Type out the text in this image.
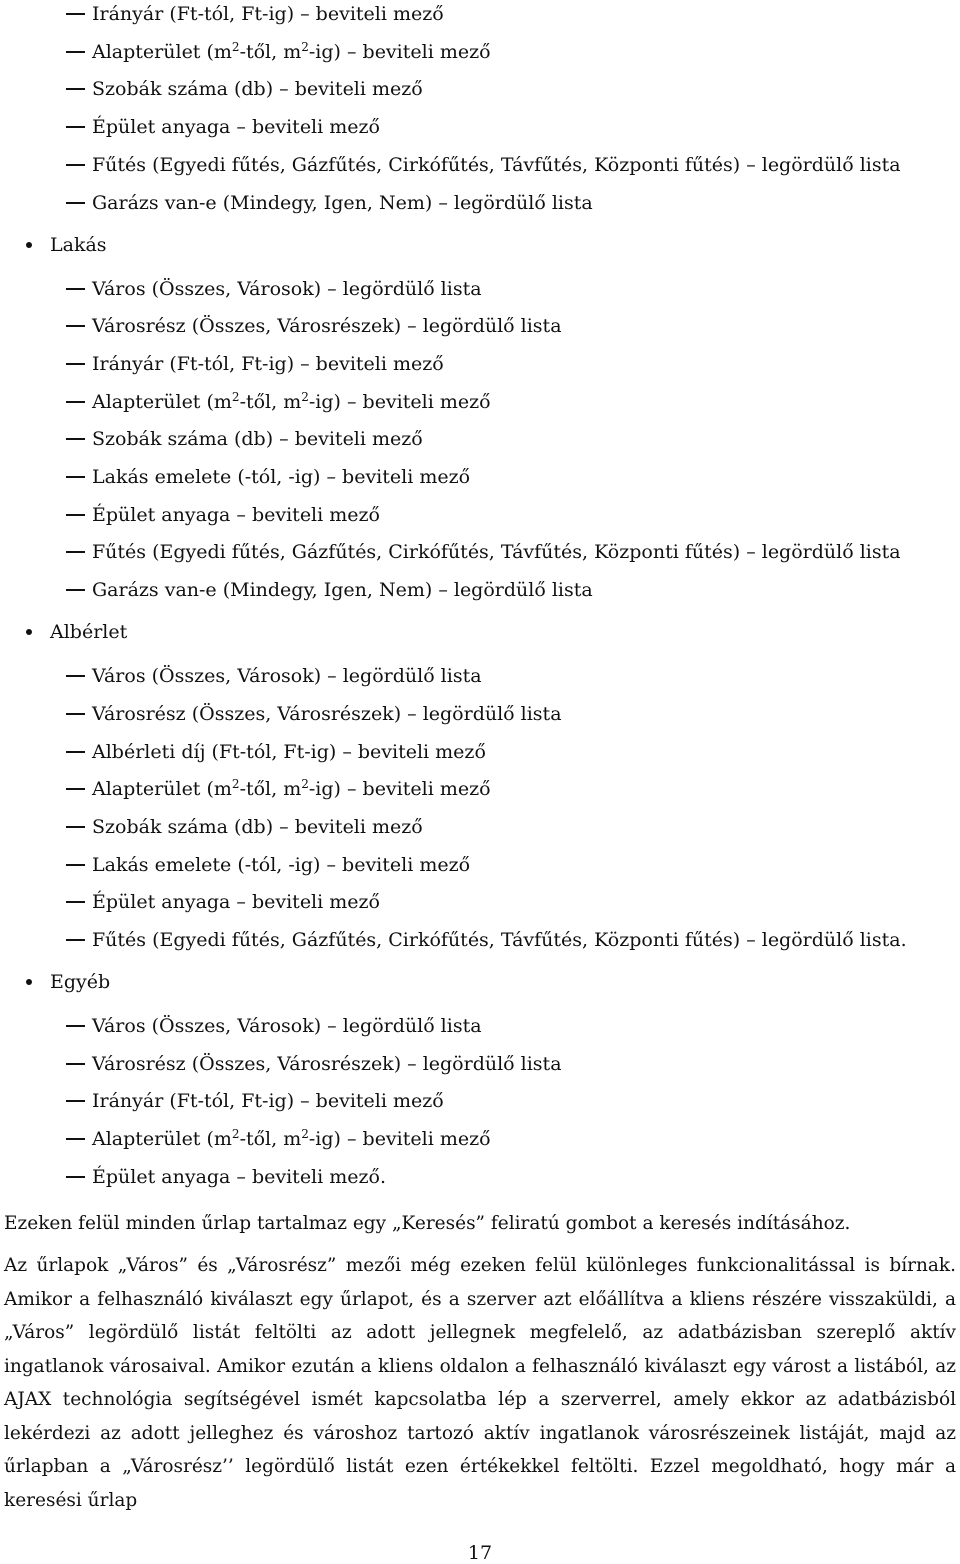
Irányár (Ft-tól, Ft-ig) – beviteli mező
Alapterület ($m^2$-től, $m^2-ig$) – beviteli mező
Szobák száma (db) – beviteli mező
Épület anyaga – beviteli mező
Fűtés (Egyedi fűtés, Gázfűtés, Cirkófűtés, Távfűtés, Központi fűtés) – legördülő lista
Garázs van-e (Mindegy, Igen, Nem) – legördülő lista
Lakás
Város (Összes, Városok) – legördülő lista
Városrész (Összes, Városrészek) – legördülő lista
Irányár (Ft-tól, Ft-ig) – beviteli mező
Alapterület ($m^2$-től, $m^2-ig$) – beviteli mező
Szobák száma (db) – beviteli mező
Lakás emelete (-tól, -ig) – beviteli mező
Épület anyaga – beviteli mező
Fűtés (Egyedi fűtés, Gázfűtés, Cirkófűtés, Távfűtés, Központi fűtés) – legördülő lista
Garázs van-e (Mindegy, Igen, Nem) – legördülő lista
Albérlet
Város (Összes, Városok) – legördülő lista
Városrész (Összes, Városrészek) – legördülő lista
Albérleti díj (Ft-tól, Ft-ig) – beviteli mező
Alapterület ($m^2$-től, $m^2-ig$) – beviteli mező
Szobák száma (db) – beviteli mező
Lakás emelete (-tól, -ig) – beviteli mező
Épület anyaga – beviteli mező
Fűtés (Egyedi fűtés, Gázfűtés, Cirkófűtés, Távfűtés, Központi fűtés) – legördülő lista.
Egyéb
Város (Összes, Városok) – legördülő lista
Városrész (Összes, Városrészek) – legördülő lista
Irányár (Ft-tól, Ft-ig) – beviteli mező
Alapterület ($m^2$-től, $m^2-ig$) – beviteli mező
Épület anyaga – beviteli mező.
Ezeken felül minden űrlap tartalmaz egy „Keresés” feliratú gombot a keresés indításához.
Az űrlapok „Város” és „Városrész” mezői még ezeken felül különleges funkcionalitással is bírnak. Amikor a felhasználó kiválaszt egy űrlapot, és a szerver azt előállítva a kliens részére visszaküldi, a „Város” legördülő listát feltölti az adott jellegnek megfelelő, az adatbázisban szereplő aktív ingatlanok városaival. Amikor ezután a kliens oldalon a felhasználó kiválaszt egy várost a listából, az AJAX technológia segítségével ismét kapcsolatba lép a szerverrel, amely ekkor az adatbázisból lekérdezi az adott jelleghez és városhoz tartozó aktív ingatlanok városrészeinek listáját, majd az űrlapban a „Városrész’’ legördülő listát ezen értékekkel feltölti. Ezzel megoldható, hogy már a keresési űrlap
17
